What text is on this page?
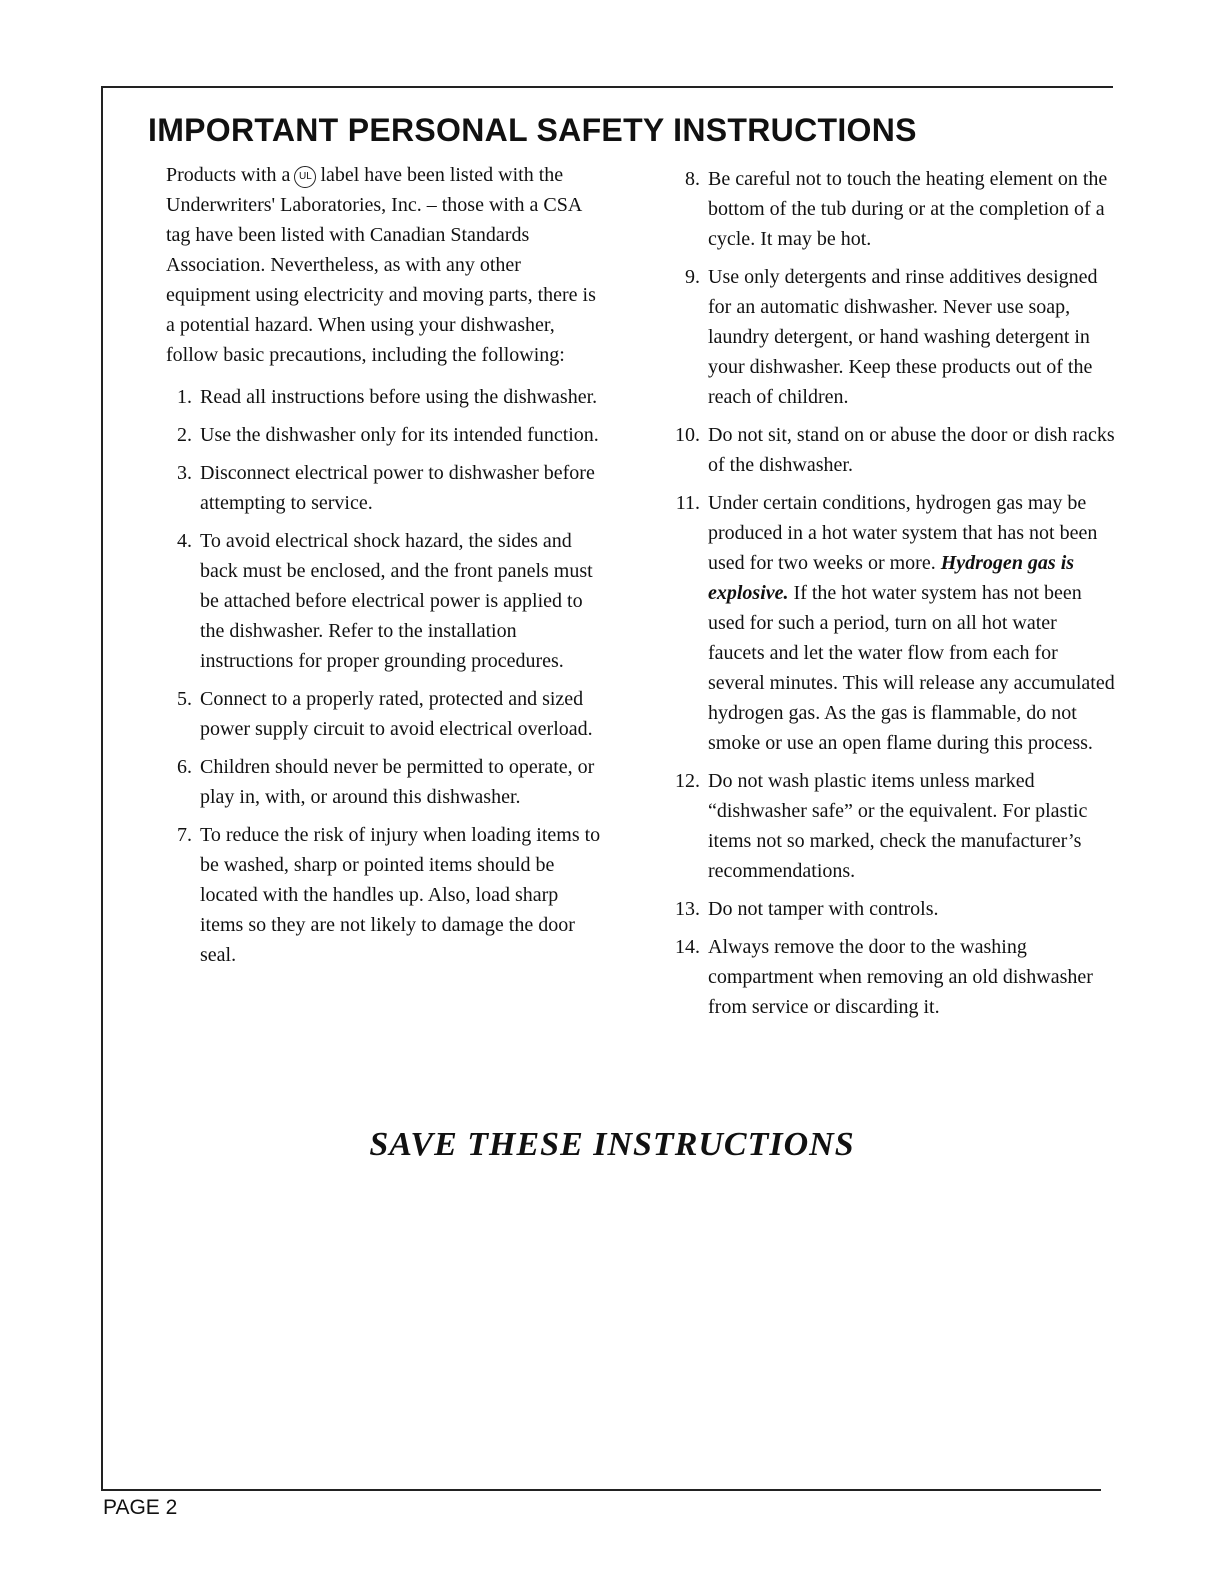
IMPORTANT PERSONAL SAFETY INSTRUCTIONS

Products with a UL label have been listed with the Underwriters' Laboratories, Inc. – those with a CSA tag have been listed with Canadian Standards Association. Nevertheless, as with any other equipment using electricity and moving parts, there is a potential hazard. When using your dishwasher, follow basic precautions, including the following:

1. Read all instructions before using the dishwasher.
2. Use the dishwasher only for its intended function.
3. Disconnect electrical power to dishwasher before attempting to service.
4. To avoid electrical shock hazard, the sides and back must be enclosed, and the front panels must be attached before electrical power is applied to the dishwasher. Refer to the installation instructions for proper grounding procedures.
5. Connect to a properly rated, protected and sized power supply circuit to avoid electrical overload.
6. Children should never be permitted to operate, or play in, with, or around this dishwasher.
7. To reduce the risk of injury when loading items to be washed, sharp or pointed items should be located with the handles up. Also, load sharp items so they are not likely to damage the door seal.
8. Be careful not to touch the heating element on the bottom of the tub during or at the completion of a cycle. It may be hot.
9. Use only detergents and rinse additives designed for an automatic dishwasher. Never use soap, laundry detergent, or hand washing detergent in your dishwasher. Keep these products out of the reach of children.
10. Do not sit, stand on or abuse the door or dish racks of the dishwasher.
11. Under certain conditions, hydrogen gas may be produced in a hot water system that has not been used for two weeks or more. Hydrogen gas is explosive. If the hot water system has not been used for such a period, turn on all hot water faucets and let the water flow from each for several minutes. This will release any accumulated hydrogen gas. As the gas is flammable, do not smoke or use an open flame during this process.
12. Do not wash plastic items unless marked “dishwasher safe” or the equivalent. For plastic items not so marked, check the manufacturer’s recommendations.
13. Do not tamper with controls.
14. Always remove the door to the washing compartment when removing an old dishwasher from service or discarding it.
SAVE THESE INSTRUCTIONS
PAGE 2
